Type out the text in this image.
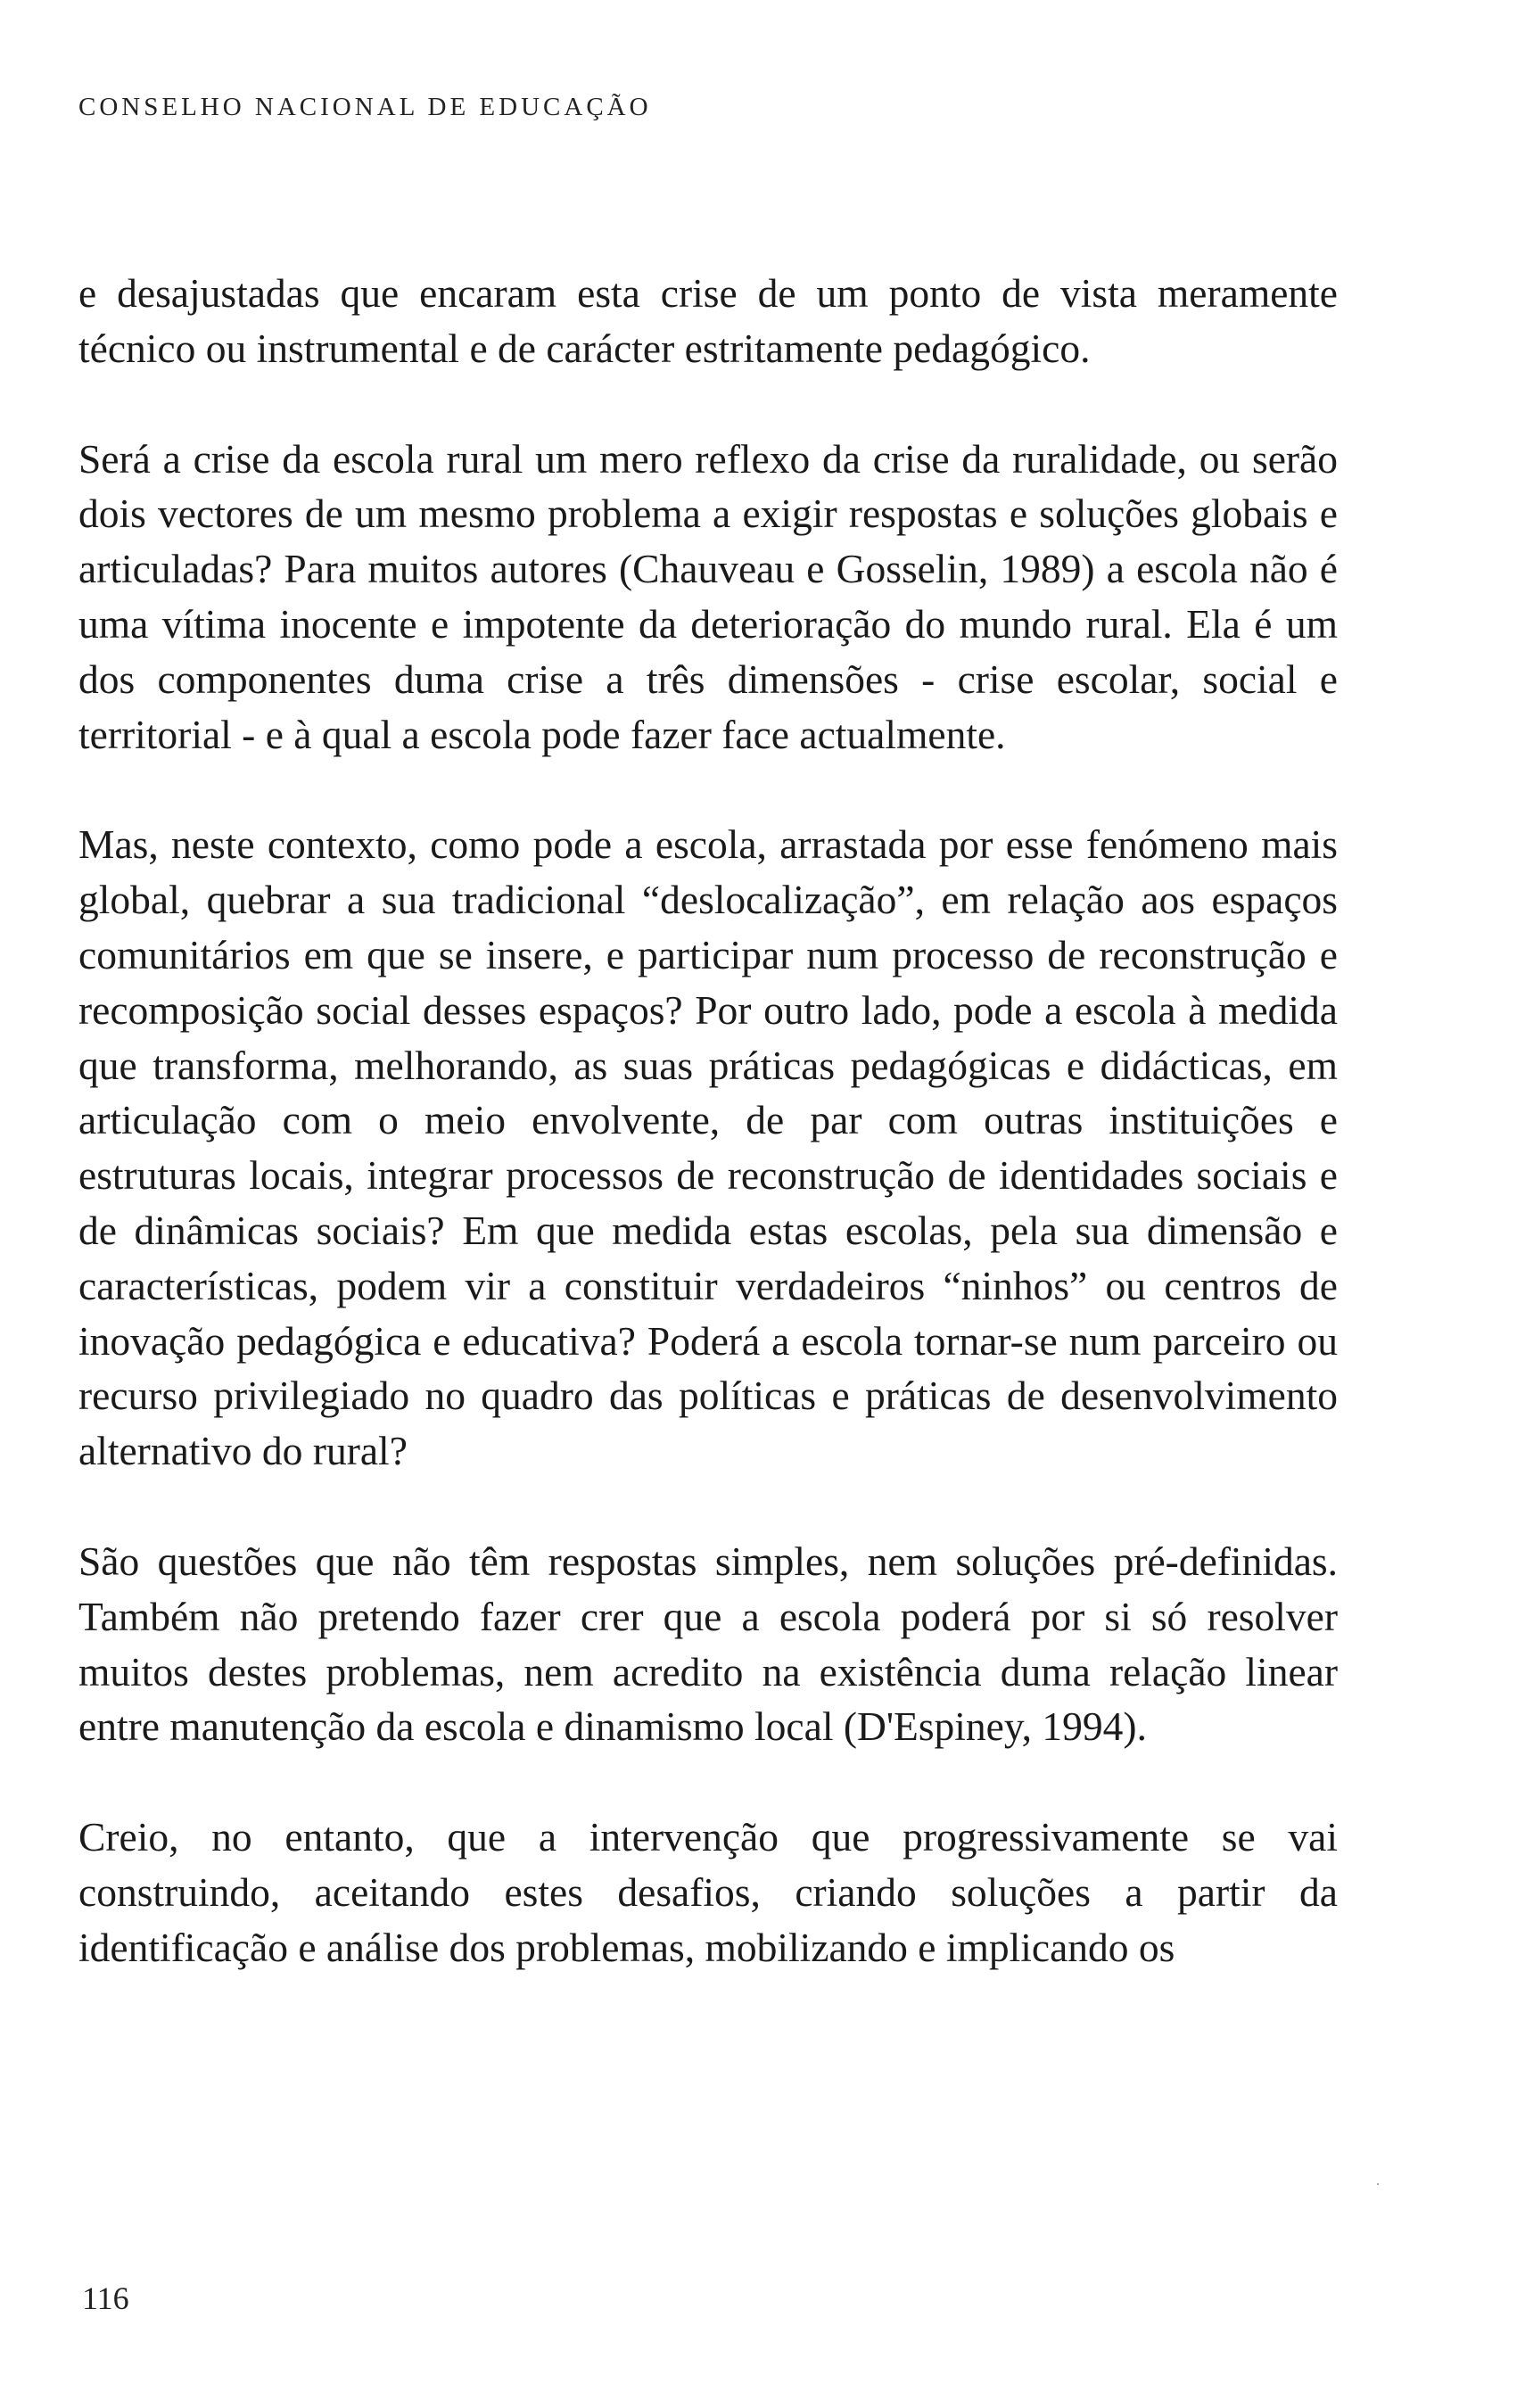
CONSELHO NACIONAL DE EDUCAÇÃO

e desajustadas que encaram esta crise de um ponto de vista meramente técnico ou instrumental e de carácter estritamente pedagógico.

Será a crise da escola rural um mero reflexo da crise da ruralidade, ou serão dois vectores de um mesmo problema a exigir respostas e soluções globais e articuladas? Para muitos autores (Chauveau e Gosselin, 1989) a escola não é uma vítima inocente e impotente da deterioração do mundo rural. Ela é um dos componentes duma crise a três dimensões - crise escolar, social e territorial - e à qual a escola pode fazer face actualmente.

Mas, neste contexto, como pode a escola, arrastada por esse fenómeno mais global, quebrar a sua tradicional “deslocalização”, em relação aos espaços comunitários em que se insere, e participar num processo de reconstrução e recomposição social desses espaços? Por outro lado, pode a escola à medida que transforma, melhorando, as suas práticas pedagógicas e didácticas, em articulação com o meio envolvente, de par com outras instituições e estruturas locais, integrar processos de reconstrução de identidades sociais e de dinâmicas sociais? Em que medida estas escolas, pela sua dimensão e características, podem vir a constituir verdadeiros “ninhos” ou centros de inovação pedagógica e educativa? Poderá a escola tornar-se num parceiro ou recurso privilegiado no quadro das políticas e práticas de desenvolvimento alternativo do rural?

São questões que não têm respostas simples, nem soluções pré-definidas. Também não pretendo fazer crer que a escola poderá por si só resolver muitos destes problemas, nem acredito na existência duma relação linear entre manutenção da escola e dinamismo local (D'Espiney, 1994).

Creio, no entanto, que a intervenção que progressivamente se vai construindo, aceitando estes desafios, criando soluções a partir da identificação e análise dos problemas, mobilizando e implicando os

116
